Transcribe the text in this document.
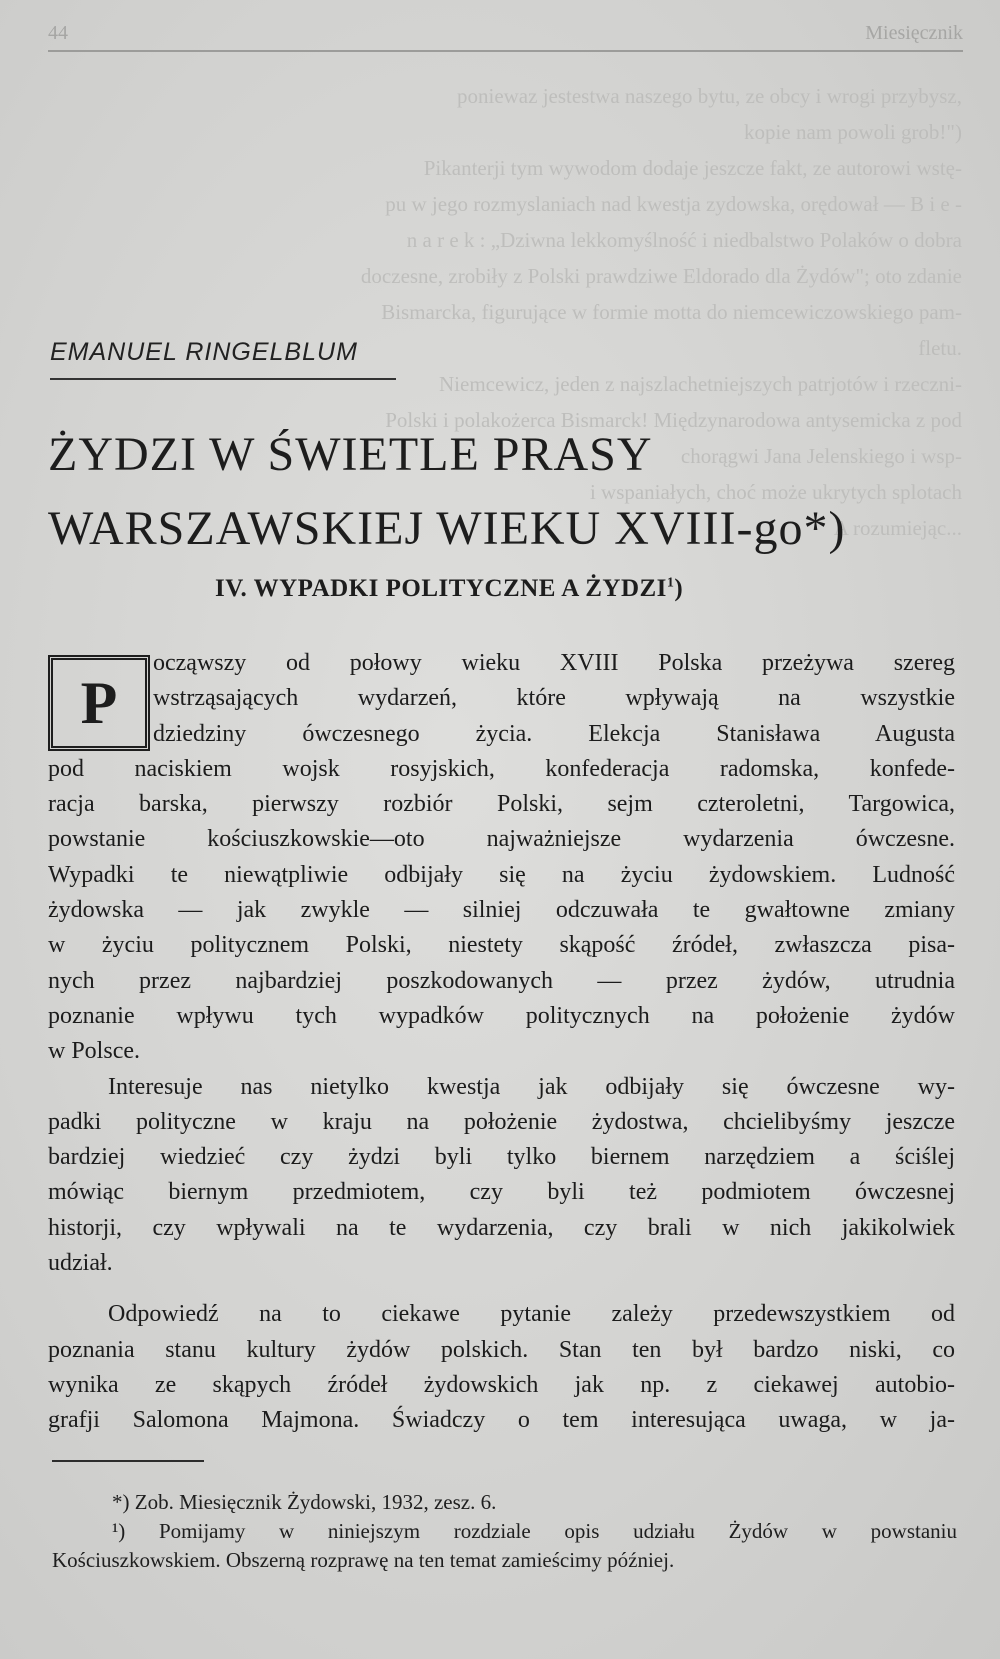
44	Miesięcznik
poniewaz jestestwa naszego bytu, ze obcy i wrogi przybysz,
kopie nam powoli grob!")
Pikanterji tym wywodom dodaje jeszcze fakt, ze autorowi wstę-
pu w jego rozmyslaniach nad kwestja zydowska, orędował — B i e -
n a r e k : „Dziwna lekkomyślność i niedbalstwo Polaków o dobra
doczesne, zrobiły z Polski prawdziwe Eldorado dla Żydów"; oto zdanie
Bismarcka, figurujące w formie motta do niemcewiczowskiego pam-
fletu.
Niemcewicz, jeden z najszlachetniejszych patrjotów i rzeczni-
Polski i polakożerca Bismarck! Międzynarodowa antysemicka z pod
chorągwi Jana Jelenskiego i wsp-
i wspaniałych, choć może ukrytych splotach
A rozumiejąc...
EMANUEL RINGELBLUM
ŻYDZI W ŚWIETLE PRASY
WARSZAWSKIEJ WIEKU XVIII-go*)
IV. WYPADKI POLITYCZNE A ŻYDZI$^1$)
P
ocząwszy od połowy wieku XVIII Polska przeżywa szereg
wstrząsających wydarzeń, które wpływają na wszystkie
dziedziny ówczesnego życia. Elekcja Stanisława Augusta
pod naciskiem wojsk rosyjskich, konfederacja radomska, konfede-
racja barska, pierwszy rozbiór Polski, sejm czteroletni, Targowica,
powstanie kościuszkowskie—oto najważniejsze wydarzenia ówczesne.
Wypadki te niewątpliwie odbijały się na życiu żydowskiem. Ludność
żydowska — jak zwykle — silniej odczuwała te gwałtowne zmiany
w życiu politycznem Polski, niestety skąpość źródeł, zwłaszcza pisa-
nych przez najbardziej poszkodowanych — przez żydów, utrudnia
poznanie wpływu tych wypadków politycznych na położenie żydów
w Polsce.
Interesuje nas nietylko kwestja jak odbijały się ówczesne wy-
padki polityczne w kraju na położenie żydostwa, chcielibyśmy jeszcze
bardziej wiedzieć czy żydzi byli tylko biernem narzędziem a ściślej
mówiąc biernym przedmiotem, czy byli też podmiotem ówczesnej
historji, czy wpływali na te wydarzenia, czy brali w nich jakikolwiek
udział.
Odpowiedź na to ciekawe pytanie zależy przedewszystkiem od
poznania stanu kultury żydów polskich. Stan ten był bardzo niski, co
wynika ze skąpych źródeł żydowskich jak np. z ciekawej autobio-
grafji Salomona Majmona. Świadczy o tem interesująca uwaga, w ja-
*) Zob. Miesięcznik Żydowski, 1932, zesz. 6.
¹) Pomijamy w niniejszym rozdziale opis udziału Żydów w powstaniu
Kościuszkowskiem. Obszerną rozprawę na ten temat zamieścimy później.
